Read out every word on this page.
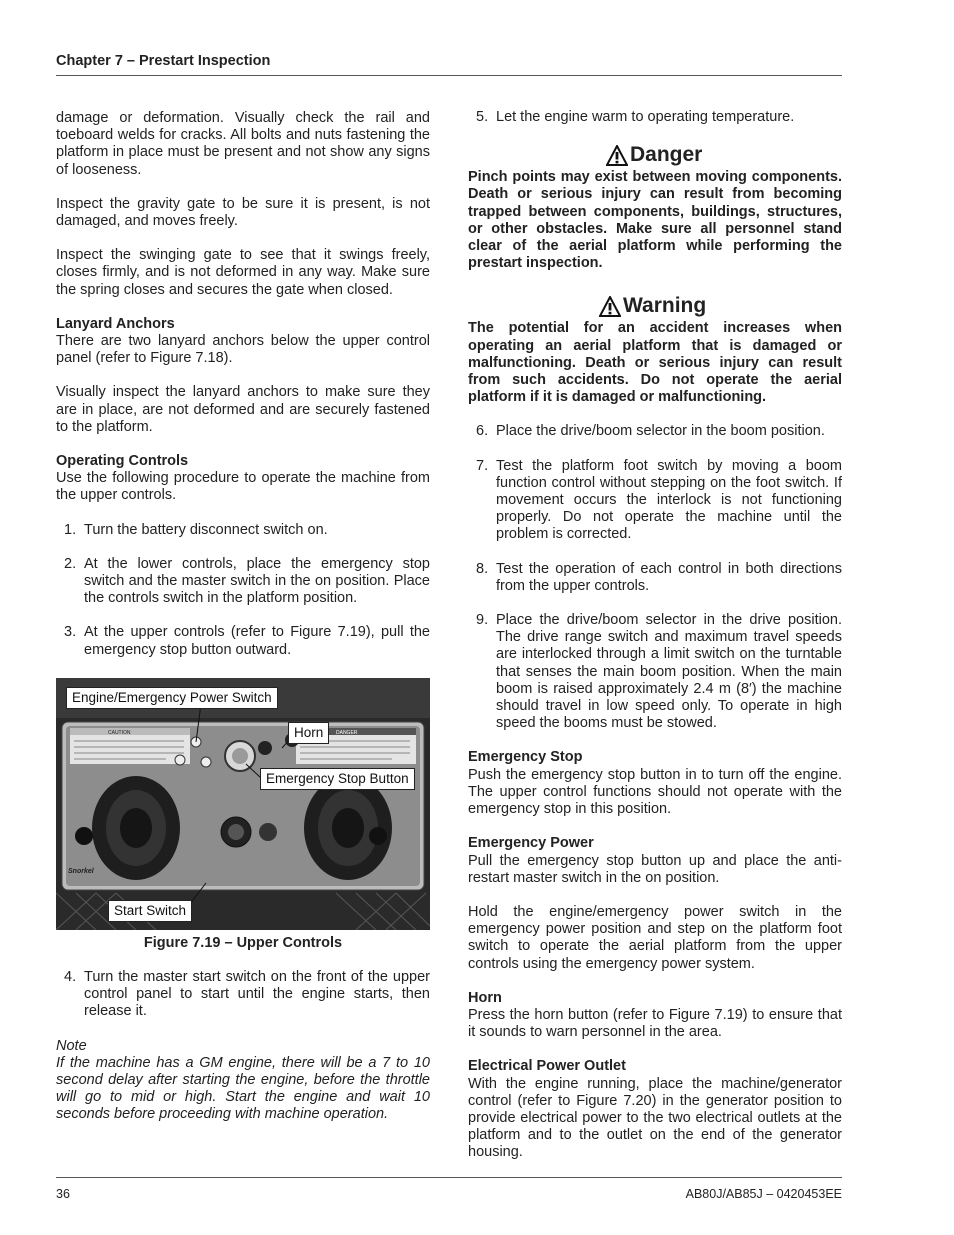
Chapter 7 – Prestart Inspection

damage or deformation. Visually check the rail and toeboard welds for cracks. All bolts and nuts fastening the platform in place must be present and not show any signs of looseness.

Inspect the gravity gate to be sure it is present, is not damaged, and moves freely.

Inspect the swinging gate to see that it swings freely, closes firmly, and is not deformed in any way. Make sure the spring closes and secures the gate when closed.

Lanyard Anchors

There are two lanyard anchors below the upper control panel (refer to Figure 7.18).

Visually inspect the lanyard anchors to make sure they are in place, are not deformed and are securely fastened to the platform.

Operating Controls

Use the following procedure to operate the machine from the upper controls.

1. Turn the battery disconnect switch on.
2. At the lower controls, place the emergency stop switch and the master switch in the on position. Place the controls switch in the platform position.
3. At the upper controls (refer to Figure 7.19), pull the emergency stop button outward.
CAUTION	DANGER
Snorkel
Engine/Emergency Power Switch
Horn
Emergency Stop Button
Start Switch
Figure 7.19 – Upper Controls
4. Turn the master start switch on the front of the upper control panel to start until the engine starts, then release it.

Note

If the machine has a GM engine, there will be a 7 to 10 second delay after starting the engine, before the throttle will go to mid or high. Start the engine and wait 10 seconds before proceeding with machine operation.

5. Let the engine warm to operating temperature.
Danger

Pinch points may exist between moving components. Death or serious injury can result from becoming trapped between components, buildings, structures, or other obstacles. Make sure all personnel stand clear of the aerial platform while performing the prestart inspection.

Warning

The potential for an accident increases when operating an aerial platform that is damaged or malfunctioning. Death or serious injury can result from such accidents. Do not operate the aerial platform if it is damaged or malfunctioning.

6. Place the drive/boom selector in the boom position.
7. Test the platform foot switch by moving a boom function control without stepping on the foot switch. If movement occurs the interlock is not functioning properly. Do not operate the machine until the problem is corrected.
8. Test the operation of each control in both directions from the upper controls.
9. Place the drive/boom selector in the drive position. The drive range switch and maximum travel speeds are interlocked through a limit switch on the turntable that senses the main boom position. When the main boom is raised approximately 2.4 m (8′) the machine should travel in low speed only. To operate in high speed the booms must be stowed.

Emergency Stop

Push the emergency stop button in to turn off the engine. The upper control functions should not operate with the emergency stop in this position.

Emergency Power

Pull the emergency stop button up and place the anti-restart master switch in the on position.

Hold the engine/emergency power switch in the emergency power position and step on the platform foot switch to operate the aerial platform from the upper controls using the emergency power system.

Horn

Press the horn button (refer to Figure 7.19) to ensure that it sounds to warn personnel in the area.

Electrical Power Outlet

With the engine running, place the machine/generator control (refer to Figure 7.20) in the generator position to provide electrical power to the two electrical outlets at the platform and to the outlet on the end of the generator housing.

36	AB80J/AB85J – 0420453EE
